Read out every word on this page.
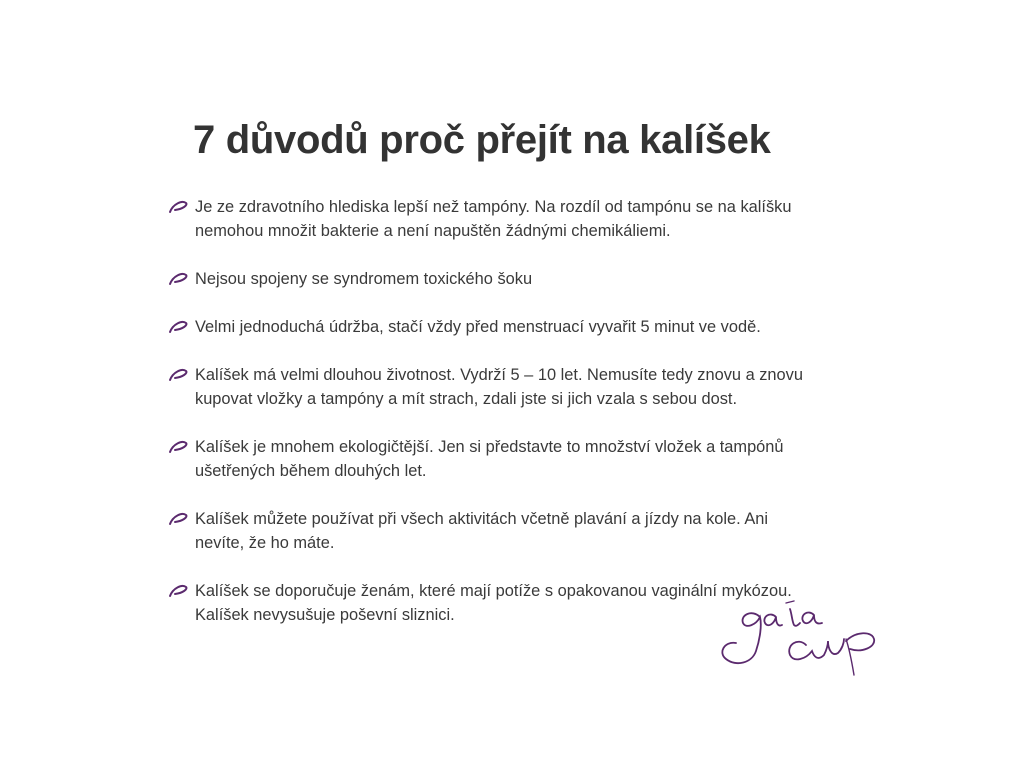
7 důvodů proč přejít na kalíšek
Je ze zdravotního hlediska lepší než tampóny. Na rozdíl od tampónu se na kalíšku
nemohou množit bakterie a není napuštěn žádnými chemikáliemi.
Nejsou spojeny se syndromem toxického šoku
Velmi jednoduchá údržba, stačí vždy před menstruací vyvařit 5 minut ve vodě.
Kalíšek má velmi dlouhou životnost. Vydrží 5 – 10 let. Nemusíte tedy znovu a znovu
kupovat vložky a tampóny a mít strach, zdali jste si jich vzala s sebou dost.
Kalíšek je mnohem ekologičtější. Jen si představte to množství vložek a tampónů
ušetřených během dlouhých let.
Kalíšek můžete používat při všech aktivitách včetně plavání a jízdy na kole. Ani
nevíte, že ho máte.
Kalíšek se doporučuje ženám, které mají potíže s opakovanou vaginální mykózou.
Kalíšek nevysušuje poševní sliznici.
